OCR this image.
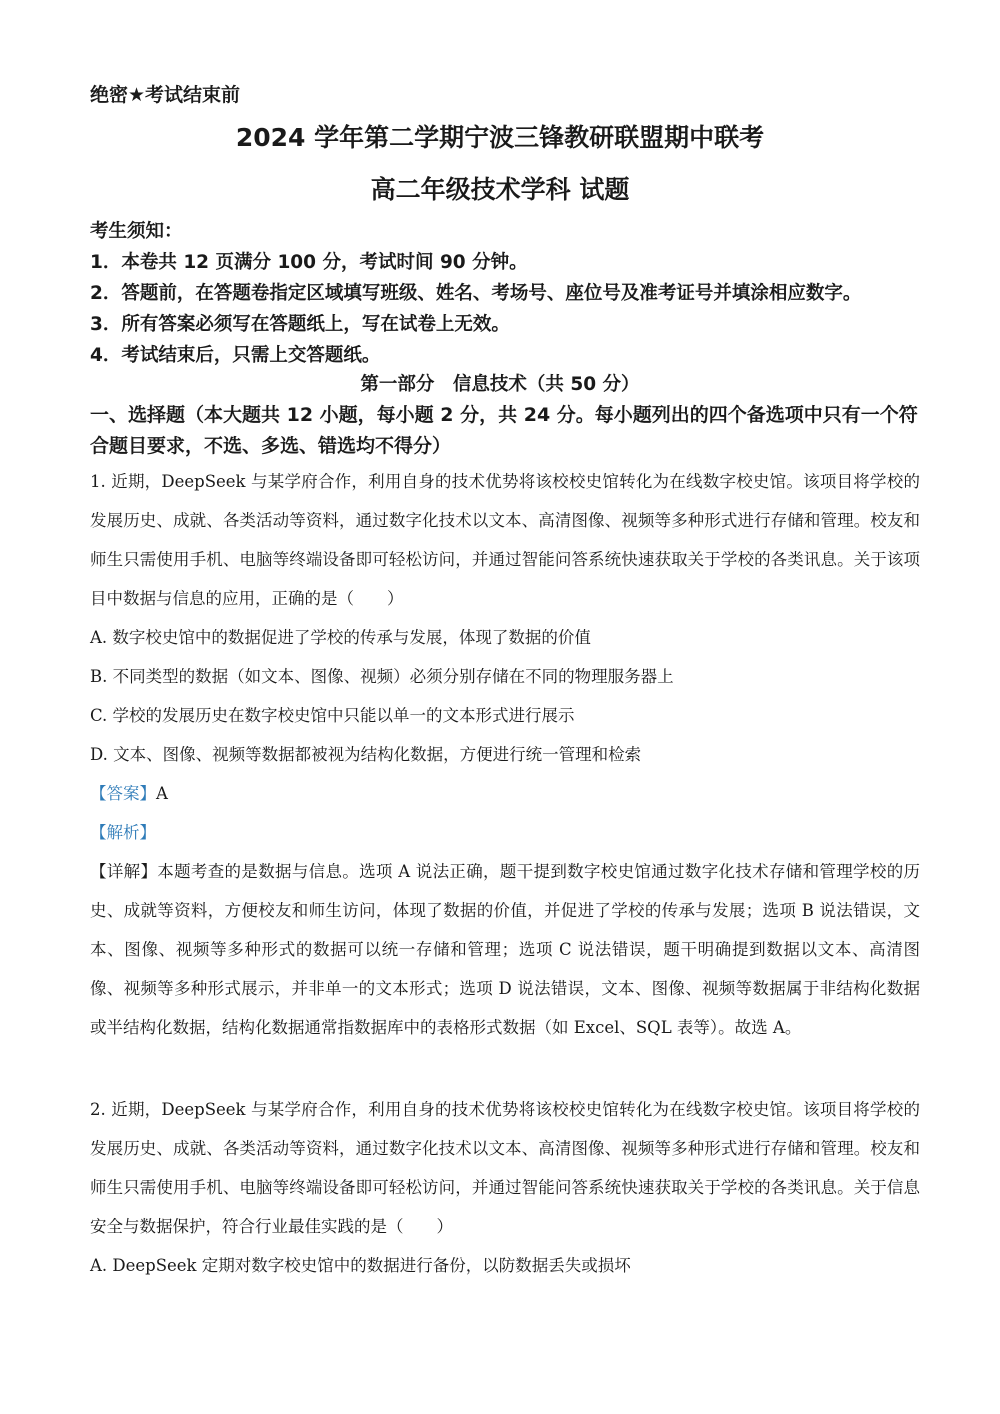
绝密★考试结束前
2024 学年第二学期宁波三锋教研联盟期中联考
高二年级技术学科 试题
考生须知：
1．本卷共 12 页满分 100 分，考试时间 90 分钟。
2．答题前，在答题卷指定区域填写班级、姓名、考场号、座位号及准考证号并填涂相应数字。
3．所有答案必须写在答题纸上，写在试卷上无效。
4．考试结束后，只需上交答题纸。
第一部分　信息技术（共 50 分）
一、选择题（本大题共 12 小题，每小题 2 分，共 24 分。每小题列出的四个备选项中只有一个符合题目要求，不选、多选、错选均不得分）
1. 近期，DeepSeek 与某学府合作，利用自身的技术优势将该校校史馆转化为在线数字校史馆。该项目将学校的发展历史、成就、各类活动等资料，通过数字化技术以文本、高清图像、视频等多种形式进行存储和管理。校友和师生只需使用手机、电脑等终端设备即可轻松访问，并通过智能问答系统快速获取关于学校的各类讯息。关于该项目中数据与信息的应用，正确的是（　　）
A. 数字校史馆中的数据促进了学校的传承与发展，体现了数据的价值
B. 不同类型的数据（如文本、图像、视频）必须分别存储在不同的物理服务器上
C. 学校的发展历史在数字校史馆中只能以单一的文本形式进行展示
D. 文本、图像、视频等数据都被视为结构化数据，方便进行统一管理和检索
【答案】A
【解析】
【详解】本题考查的是数据与信息。选项 A 说法正确，题干提到数字校史馆通过数字化技术存储和管理学校的历史、成就等资料，方便校友和师生访问，体现了数据的价值，并促进了学校的传承与发展；选项 B 说法错误，文本、图像、视频等多种形式的数据可以统一存储和管理；选项 C 说法错误，题干明确提到数据以文本、高清图像、视频等多种形式展示，并非单一的文本形式；选项 D 说法错误，文本、图像、视频等数据属于非结构化数据或半结构化数据，结构化数据通常指数据库中的表格形式数据（如 Excel、SQL 表等）。故选 A。
2. 近期，DeepSeek 与某学府合作，利用自身的技术优势将该校校史馆转化为在线数字校史馆。该项目将学校的发展历史、成就、各类活动等资料，通过数字化技术以文本、高清图像、视频等多种形式进行存储和管理。校友和师生只需使用手机、电脑等终端设备即可轻松访问，并通过智能问答系统快速获取关于学校的各类讯息。关于信息安全与数据保护，符合行业最佳实践的是（　　）
A. DeepSeek 定期对数字校史馆中的数据进行备份，以防数据丢失或损坏
